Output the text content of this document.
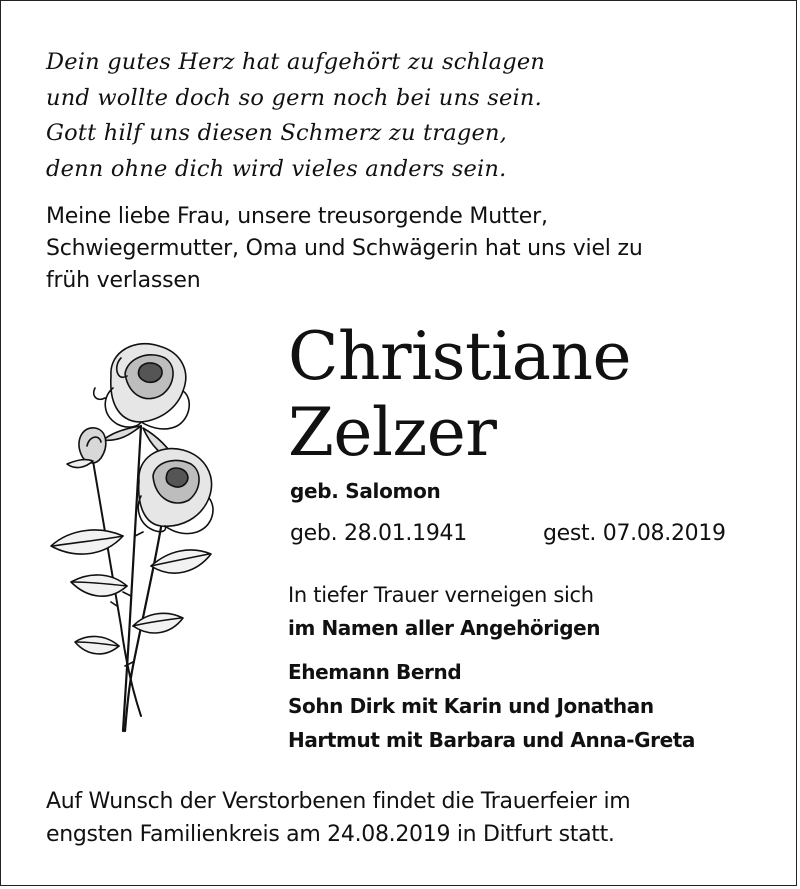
Dein gutes Herz hat aufgehört zu schlagen
und wollte doch so gern noch bei uns sein.
Gott hilf uns diesen Schmerz zu tragen,
denn ohne dich wird vieles anders sein.
Meine liebe Frau, unsere treusorgende Mutter,
Schwiegermutter, Oma und Schwägerin hat uns viel zu
früh verlassen
Christiane
Zelzer
geb. Salomon
geb. 28.01.1941	gest. 07.08.2019
In tiefer Trauer verneigen sich
im Namen aller Angehörigen
Ehemann Bernd
Sohn Dirk mit Karin und Jonathan
Hartmut mit Barbara und Anna-Greta
Auf Wunsch der Verstorbenen findet die Trauerfeier im
engsten Familienkreis am 24.08.2019 in Ditfurt statt.
